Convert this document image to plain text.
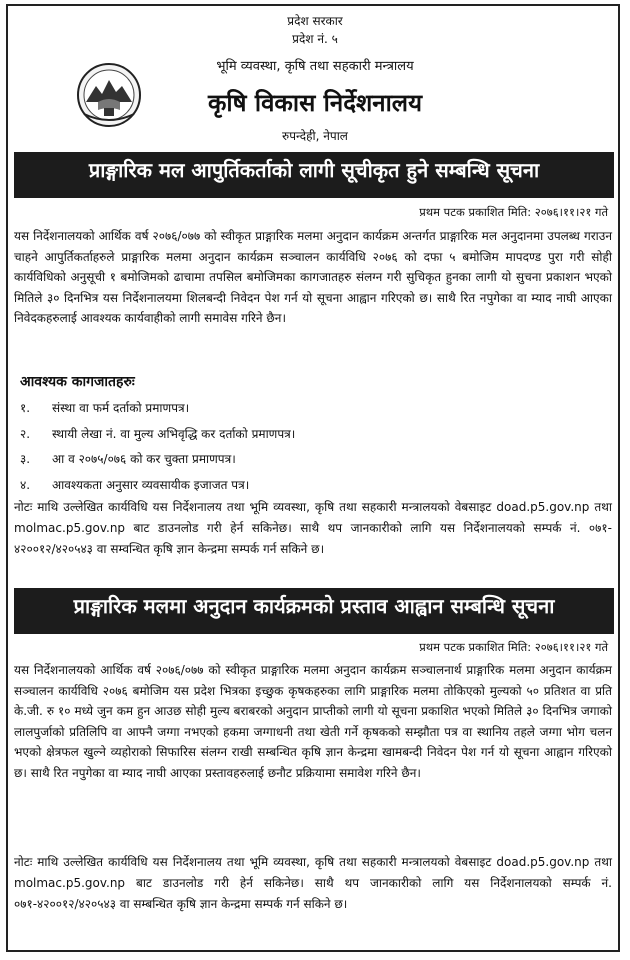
प्रदेश सरकार
प्रदेश नं. ५
भूमि व्यवस्था, कृषि तथा सहकारी मन्त्रालय
कृषि विकास निर्देशनालय
रुपन्देही, नेपाल
प्राङ्गारिक मल आपुर्तिकर्ताको लागी सूचीकृत हुने सम्बन्धि सूचना
प्रथम पटक प्रकाशित मिति: २०७६।११।२१ गते
यस निर्देशनालयको आर्थिक वर्ष २०७६/०७७ को स्वीकृत प्राङ्गारिक मलमा अनुदान कार्यक्रम अन्तर्गत प्राङ्गारिक मल अनुदानमा उपलब्ध गराउन चाहने आपुर्तिकर्ताहरुले प्राङ्गारिक मलमा अनुदान कार्यक्रम सञ्चालन कार्यविधि २०७६ को दफा ५ बमोजिम मापदण्ड पुरा गरी सोही कार्यविधिको अनुसूची १ बमोजिमको ढाचामा तपसिल बमोजिमका कागजातहरु संलग्न गरी सुचिकृत हुनका लागी यो सुचना प्रकाशन भएको मितिले ३० दिनभित्र यस निर्देशनालयमा शिलबन्दी निवेदन पेश गर्न यो सूचना आह्वान गरिएको छ। साथै रित नपुगेका वा म्याद नाघी आएका निवेदकहरुलाई आवश्यक कार्यवाहीको लागी समावेस गरिने छैन।
आवश्यक कागजातहरुः
१. संस्था वा फर्म दर्ताको प्रमाणपत्र।
२. स्थायी लेखा नं. वा मुल्य अभिवृद्धि कर दर्ताको प्रमाणपत्र।
३. आ व २०७५/०७६ को कर चुक्ता प्रमाणपत्र।
४. आवश्यकता अनुसार व्यवसायीक इजाजत पत्र।
नोटः माथि उल्लेखित कार्यविधि यस निर्देशनालय तथा भूमि व्यवस्था, कृषि तथा सहकारी मन्त्रालयको वेबसाइट doad.p5.gov.np तथा molmac.p5.gov.np बाट डाउनलोड गरी हेर्न सकिनेछ। साथै थप जानकारीको लागि यस निर्देशनालयको सम्पर्क नं. ०७१- ४२००१२/४२०५४३ वा सम्वन्धित कृषि ज्ञान केन्द्रमा सम्पर्क गर्न सकिने छ।
प्राङ्गारिक मलमा अनुदान कार्यक्रमको प्रस्ताव आह्वान सम्बन्धि सूचना
प्रथम पटक प्रकाशित मिति: २०७६।११।२१ गते
यस निर्देशनालयको आर्थिक वर्ष २०७६/०७७ को स्वीकृत प्राङ्गारिक मलमा अनुदान कार्यक्रम सञ्चालनार्थ प्राङ्गारिक मलमा अनुदान कार्यक्रम सञ्चालन कार्यविधि २०७६ बमोजिम यस प्रदेश भित्रका इच्छुक कृषकहरुका लागि प्राङ्गारिक मलमा तोकिएको मुल्यको ५० प्रतिशत वा प्रति के.जी. रु १० मध्ये जुन कम हुन आउछ सोही मुल्य बराबरको अनुदान प्राप्तीको लागी यो सूचना प्रकाशित भएको मितिले ३० दिनभित्र जगाको लालपुर्जाको प्रतिलिपि वा आफ्नै जग्गा नभएको हकमा जग्गाधनी तथा खेती गर्ने कृषकको सम्झौता पत्र वा स्थानिय तहले जग्गा भोग चलन भएको क्षेत्रफल खुल्ने व्यहोराको सिफारिस संलग्न राखी सम्बन्धित कृषि ज्ञान केन्द्रमा खामबन्दी निवेदन पेश गर्न यो सूचना आह्वान गरिएको छ। साथै रित नपुगेका वा म्याद नाघी आएका प्रस्तावहरुलाई छनौट प्रक्रियामा समावेश गरिने छैन।
नोटः माथि उल्लेखित कार्यविधि यस निर्देशनालय तथा भूमि व्यवस्था, कृषि तथा सहकारी मन्त्रालयको वेबसाइट doad.p5.gov.np तथा molmac.p5.gov.np बाट डाउनलोड गरी हेर्न सकिनेछ। साथै थप जानकारीको लागि यस निर्देशनालयको सम्पर्क नं. ०७१-४२००१२/४२०५४३ वा सम्बन्धित कृषि ज्ञान केन्द्रमा सम्पर्क गर्न सकिने छ।
